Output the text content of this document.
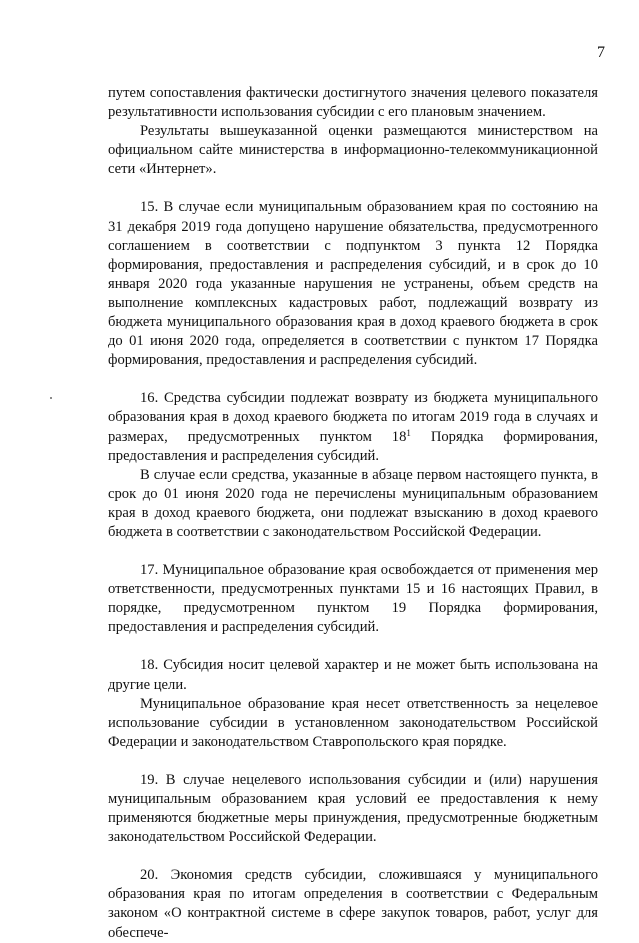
7

путем сопоставления фактически достигнутого значения целевого показателя результативности использования субсидии с его плановым значением.

Результаты вышеуказанной оценки размещаются министерством на официальном сайте министерства в информационно-телекоммуникационной сети «Интернет».

15. В случае если муниципальным образованием края по состоянию на 31 декабря 2019 года допущено нарушение обязательства, предусмотренного соглашением в соответствии с подпунктом 3 пункта 12 Порядка формирования, предоставления и распределения субсидий, и в срок до 10 января 2020 года указанные нарушения не устранены, объем средств на выполнение комплексных кадастровых работ, подлежащий возврату из бюджета муниципального образования края в доход краевого бюджета в срок до 01 июня 2020 года, определяется в соответствии с пунктом 17 Порядка формирования, предоставления и распределения субсидий.

16. Средства субсидии подлежат возврату из бюджета муниципального образования края в доход краевого бюджета по итогам 2019 года в случаях и размерах, предусмотренных пунктом $18^1$ Порядка формирования, предоставления и распределения субсидий.

В случае если средства, указанные в абзаце первом настоящего пункта, в срок до 01 июня 2020 года не перечислены муниципальным образованием края в доход краевого бюджета, они подлежат взысканию в доход краевого бюджета в соответствии с законодательством Российской Федерации.

17. Муниципальное образование края освобождается от применения мер ответственности, предусмотренных пунктами 15 и 16 настоящих Правил, в порядке, предусмотренном пунктом 19 Порядка формирования, предоставления и распределения субсидий.

18. Субсидия носит целевой характер и не может быть использована на другие цели.

Муниципальное образование края несет ответственность за нецелевое использование субсидии в установленном законодательством Российской Федерации и законодательством Ставропольского края порядке.

19. В случае нецелевого использования субсидии и (или) нарушения муниципальным образованием края условий ее предоставления к нему применяются бюджетные меры принуждения, предусмотренные бюджетным законодательством Российской Федерации.

20. Экономия средств субсидии, сложившаяся у муниципального образования края по итогам определения в соответствии с Федеральным законом «О контрактной системе в сфере закупок товаров, работ, услуг для обеспече-
